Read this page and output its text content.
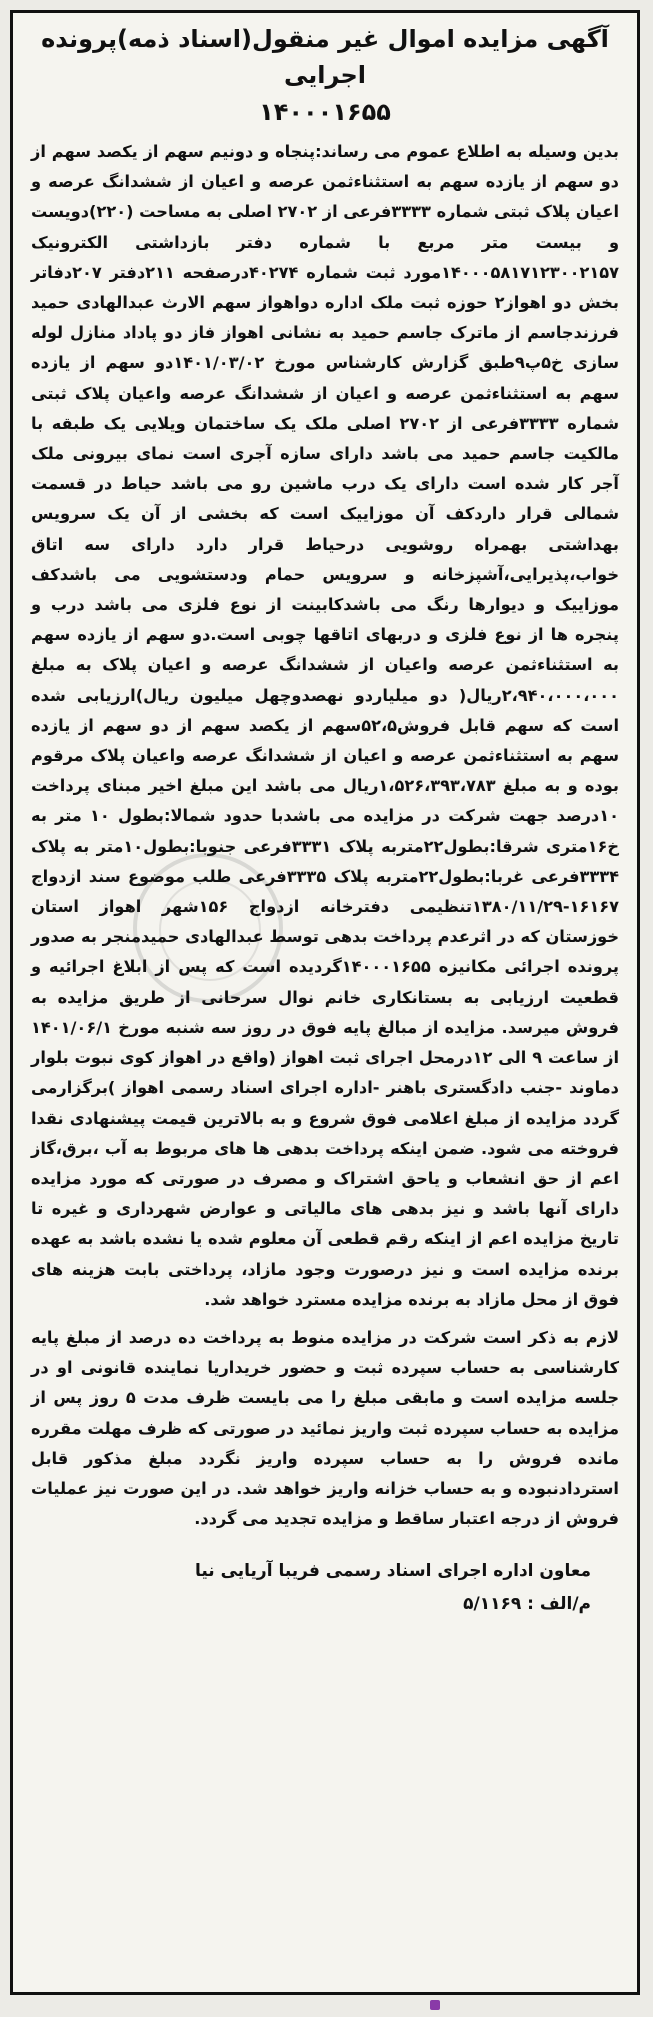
آگهی مزایده اموال غیر منقول(اسناد ذمه)پرونده اجرایی
۱۴۰۰۰۱۶۵۵

بدین وسیله به اطلاع عموم می رساند:پنجاه و دونیم سهم از یکصد سهم از دو سهم از یازده سهم به استثناءثمن عرصه و اعیان از ششدانگ عرصه و اعیان پلاک ثبتی شماره ۳۳۳۳فرعی از ۲۷۰۲ اصلی به مساحت (۲۲۰)دویست و بیست متر مربع با شماره دفتر بازداشتی الکترونیک ۱۴۰۰۰۵۸۱۷۱۲۳۰۰۲۱۵۷مورد ثبت شماره ۴۰۲۷۴درصفحه ۲۱۱دفتر ۲۰۷دفاتر بخش دو اهواز۲ حوزه ثبت ملک اداره دواهواز سهم الارث عبدالهادی حمید فرزندجاسم از ماترک جاسم حمید به نشانی اهواز فاز دو پاداد منازل لوله سازی خ۵پ۹طبق گزارش کارشناس مورخ ۱۴۰۱/۰۳/۰۲دو سهم از یازده سهم به استثناءثمن عرصه و اعیان از ششدانگ عرصه واعیان پلاک ثبتی شماره ۳۳۳۳فرعی از ۲۷۰۲ اصلی ملک یک ساختمان ویلایی یک طبقه با مالکیت جاسم حمید می باشد دارای سازه آجری است نمای بیرونی ملک آجر کار شده است دارای یک درب ماشین رو می باشد حیاط در قسمت شمالی قرار داردکف آن موزاییک است که بخشی از آن یک سرویس بهداشتی بهمراه روشویی درحیاط قرار دارد دارای سه اتاق خواب،پذیرایی،آشپزخانه و سرویس حمام ودستشویی می باشدکف موزاییک و دیوارها رنگ می باشدکابینت از نوع فلزی می باشد درب و پنجره ها از نوع فلزی و دربهای اتاقها چوبی است.دو سهم از یازده سهم به استثناءثمن عرصه واعیان از ششدانگ عرصه و اعیان پلاک به مبلغ ۲،۹۴۰،۰۰۰،۰۰۰ریال( دو میلیاردو نهصدوچهل میلیون ریال)ارزیابی شده است که سهم قابل فروش۵۲،۵سهم از یکصد سهم از دو سهم از یازده سهم به استثناءثمن عرصه و اعیان از ششدانگ عرصه واعیان پلاک مرقوم بوده و به مبلغ ۱،۵۲۶،۳۹۳،۷۸۳ریال می باشد این مبلغ اخیر مبنای پرداخت ۱۰درصد جهت شرکت در مزایده می باشدبا حدود شمالا:بطول ۱۰ متر به خ۱۶متری شرقا:بطول۲۲متربه پلاک ۳۳۳۱فرعی جنوبا:بطول۱۰متر به پلاک ۳۳۳۴فرعی غربا:بطول۲۲متربه پلاک ۳۳۳۵فرعی طلب موضوع سند ازدواج ۱۶۱۶۷-۱۳۸۰/۱۱/۲۹تنظیمی دفترخانه ازدواج ۱۵۶شهر اهواز استان خوزستان که در اثرعدم پرداخت بدهی توسط عبدالهادی حمیدمنجر به صدور پرونده اجرائی مکانیزه ۱۴۰۰۰۱۶۵۵گردیده است که پس از ابلاغ اجرائیه و قطعیت ارزیابی به بستانکاری خانم نوال سرحانی از طریق مزایده به فروش میرسد. مزایده از مبالغ پایه فوق در روز سه شنبه مورخ ۱۴۰۱/۰۶/۱ از ساعت ۹ الی ۱۲درمحل اجرای ثبت اهواز (واقع در اهواز کوی نبوت بلوار دماوند -جنب دادگستری باهنر -اداره اجرای اسناد رسمی اهواز )برگزارمی گردد مزایده از مبلغ اعلامی فوق شروع و به بالاترین قیمت پیشنهادی نقدا فروخته می شود. ضمن اینکه پرداخت بدهی ها های مربوط به آب ،برق،گاز اعم از حق انشعاب و یاحق اشتراک و مصرف در صورتی که مورد مزایده دارای آنها باشد و نیز بدهی های مالیاتی و عوارض شهرداری و غیره تا تاریخ مزایده اعم از اینکه رقم قطعی آن معلوم شده یا نشده باشد به عهده برنده مزایده است و نیز درصورت وجود مازاد، پرداختی بابت هزینه های فوق از محل مازاد به برنده مزایده مسترد خواهد شد.

لازم به ذکر است شرکت در مزایده منوط به پرداخت ده درصد از مبلغ پایه کارشناسی به حساب سپرده ثبت و حضور خریداریا نماینده قانونی او در جلسه مزایده است و مابقی مبلغ را می بایست ظرف مدت ۵ روز پس از مزایده به حساب سپرده ثبت واریز نمائید در صورتی که ظرف مهلت مقرره مانده فروش را به حساب سپرده واریز نگردد مبلغ مذکور قابل استردادنبوده و به حساب خزانه واریز خواهد شد. در این صورت نیز عملیات فروش از درجه اعتبار ساقط و مزایده تجدید می گردد.

معاون اداره اجرای اسناد رسمی فریبا آریایی نیا
م/الف : ۵/۱۱۶۹
